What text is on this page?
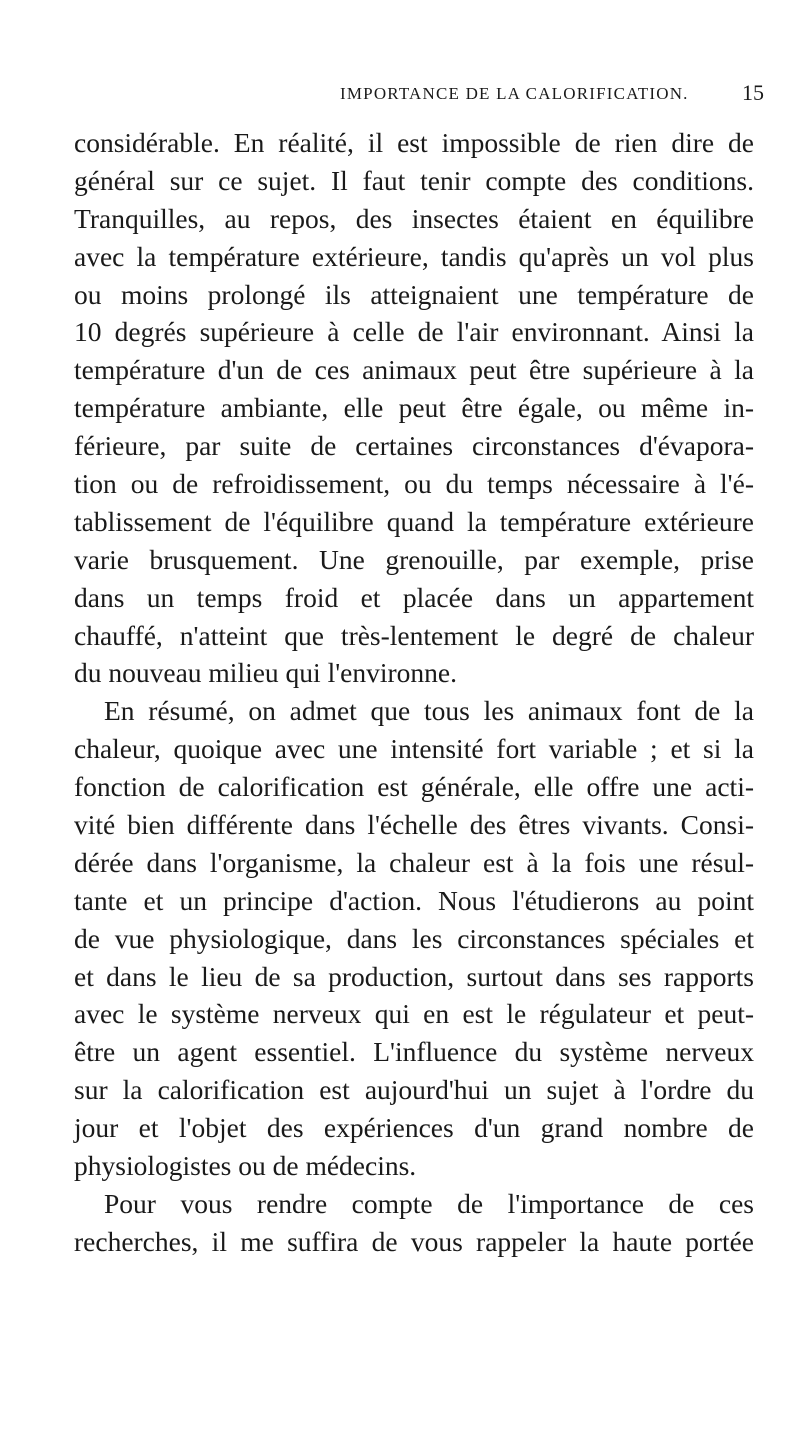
IMPORTANCE DE LA CALORIFICATION. 15
considérable. En réalité, il est impossible de rien dire de
général sur ce sujet. Il faut tenir compte des conditions.
Tranquilles, au repos, des insectes étaient en équilibre
avec la température extérieure, tandis qu'après un vol plus
ou moins prolongé ils atteignaient une température de
10 degrés supérieure à celle de l'air environnant. Ainsi la
température d'un de ces animaux peut être supérieure à la
température ambiante, elle peut être égale, ou même in-
férieure, par suite de certaines circonstances d'évapora-
tion ou de refroidissement, ou du temps nécessaire à l'é-
tablissement de l'équilibre quand la température extérieure
varie brusquement. Une grenouille, par exemple, prise
dans un temps froid et placée dans un appartement
chauffé, n'atteint que très-lentement le degré de chaleur
du nouveau milieu qui l'environne.
En résumé, on admet que tous les animaux font de la
chaleur, quoique avec une intensité fort variable ; et si la
fonction de calorification est générale, elle offre une acti-
vité bien différente dans l'échelle des êtres vivants. Consi-
dérée dans l'organisme, la chaleur est à la fois une résul-
tante et un principe d'action. Nous l'étudierons au point
de vue physiologique, dans les circonstances spéciales et
et dans le lieu de sa production, surtout dans ses rapports
avec le système nerveux qui en est le régulateur et peut-
être un agent essentiel. L'influence du système nerveux
sur la calorification est aujourd'hui un sujet à l'ordre du
jour et l'objet des expériences d'un grand nombre de
physiologistes ou de médecins.
Pour vous rendre compte de l'importance de ces
recherches, il me suffira de vous rappeler la haute portée
